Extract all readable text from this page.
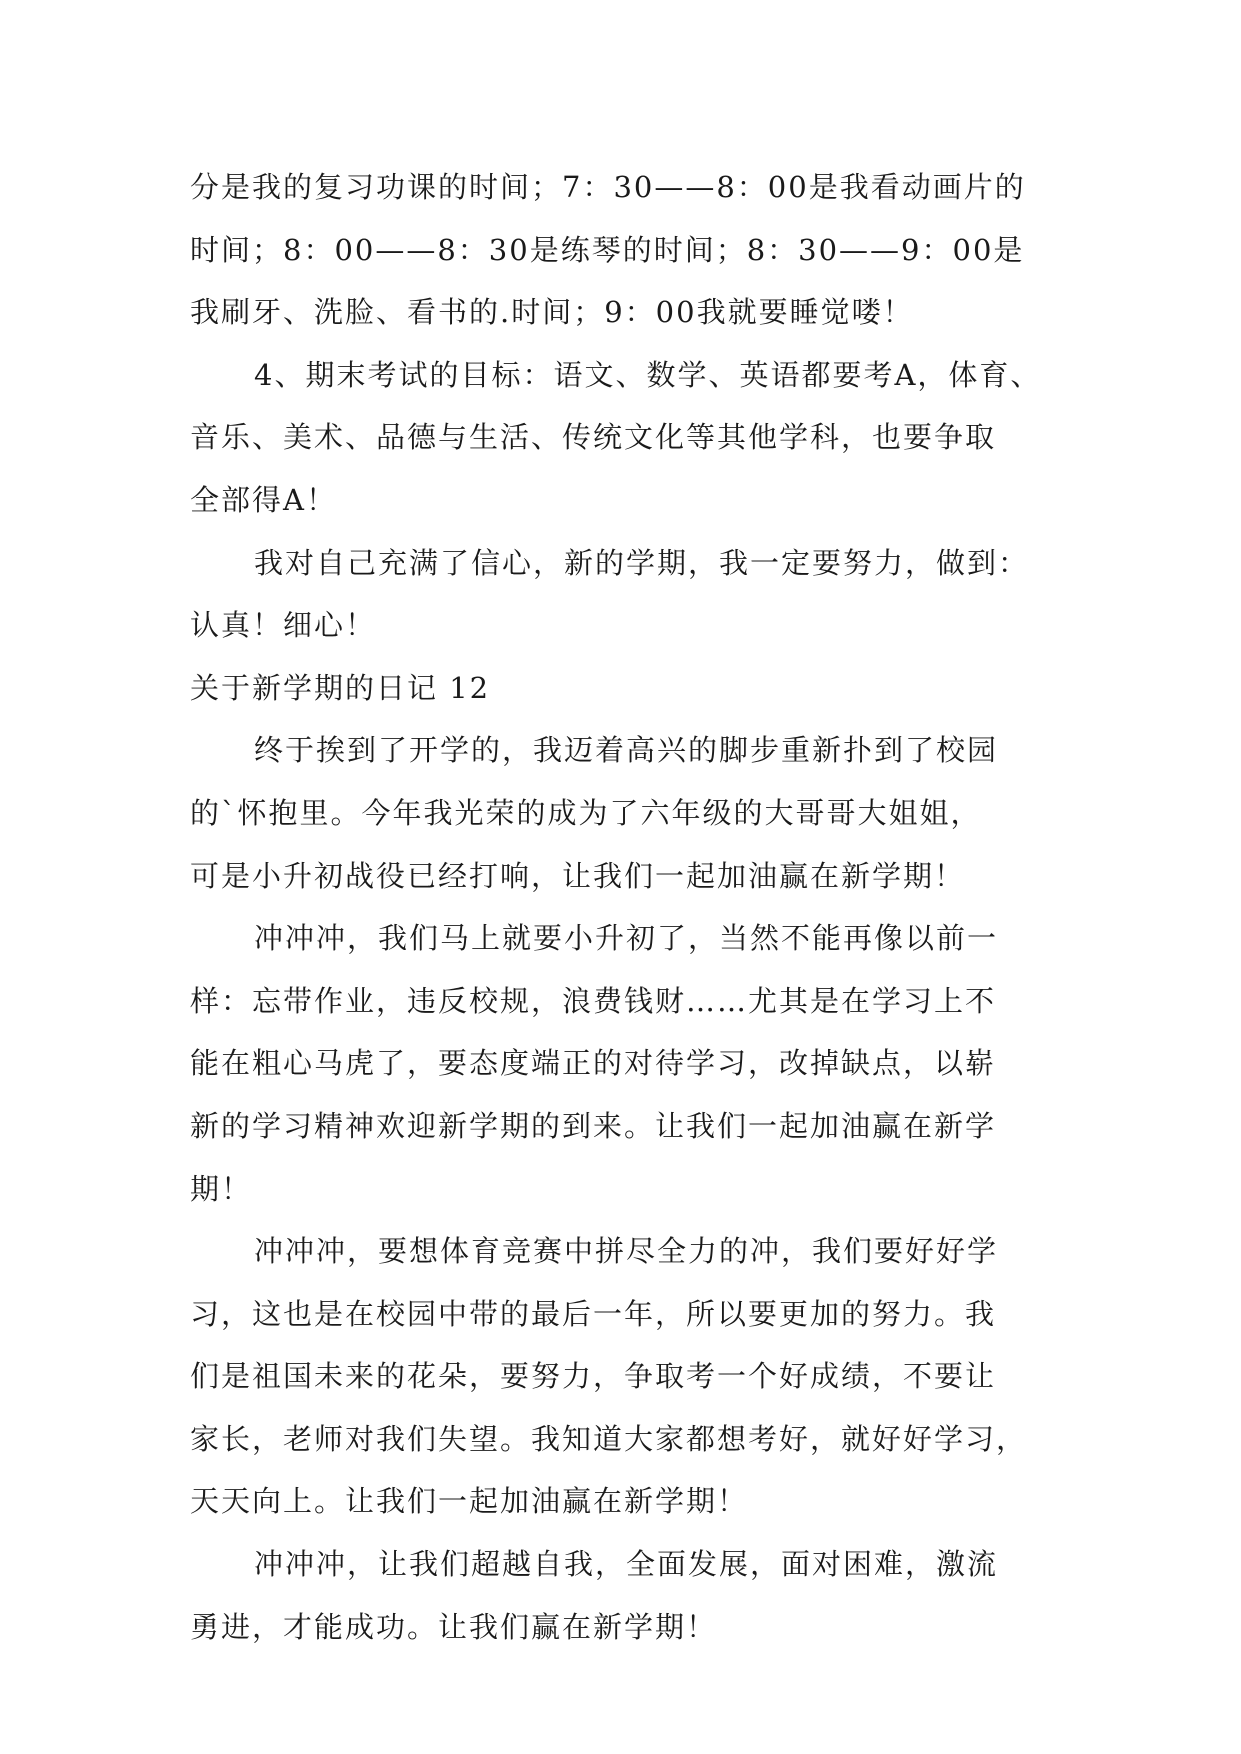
分是我的复习功课的时间；7：30——8：00是我看动画片的

时间；8：00——8：30是练琴的时间；8：30——9：00是

我刷牙、洗脸、看书的.时间；9：00我就要睡觉喽！

4、期末考试的目标：语文、数学、英语都要考A，体育、

音乐、美术、品德与生活、传统文化等其他学科，也要争取

全部得A！

我对自己充满了信心，新的学期，我一定要努力，做到：

认真！细心！

关于新学期的日记 12

终于挨到了开学的，我迈着高兴的脚步重新扑到了校园

的`怀抱里。今年我光荣的成为了六年级的大哥哥大姐姐，

可是小升初战役已经打响，让我们一起加油赢在新学期！

冲冲冲，我们马上就要小升初了，当然不能再像以前一

样：忘带作业，违反校规，浪费钱财……尤其是在学习上不

能在粗心马虎了，要态度端正的对待学习，改掉缺点，以崭

新的学习精神欢迎新学期的到来。让我们一起加油赢在新学

期！

冲冲冲，要想体育竞赛中拼尽全力的冲，我们要好好学

习，这也是在校园中带的最后一年，所以要更加的努力。我

们是祖国未来的花朵，要努力，争取考一个好成绩，不要让

家长，老师对我们失望。我知道大家都想考好，就好好学习，

天天向上。让我们一起加油赢在新学期！

冲冲冲，让我们超越自我，全面发展，面对困难，激流

勇进，才能成功。让我们赢在新学期！
